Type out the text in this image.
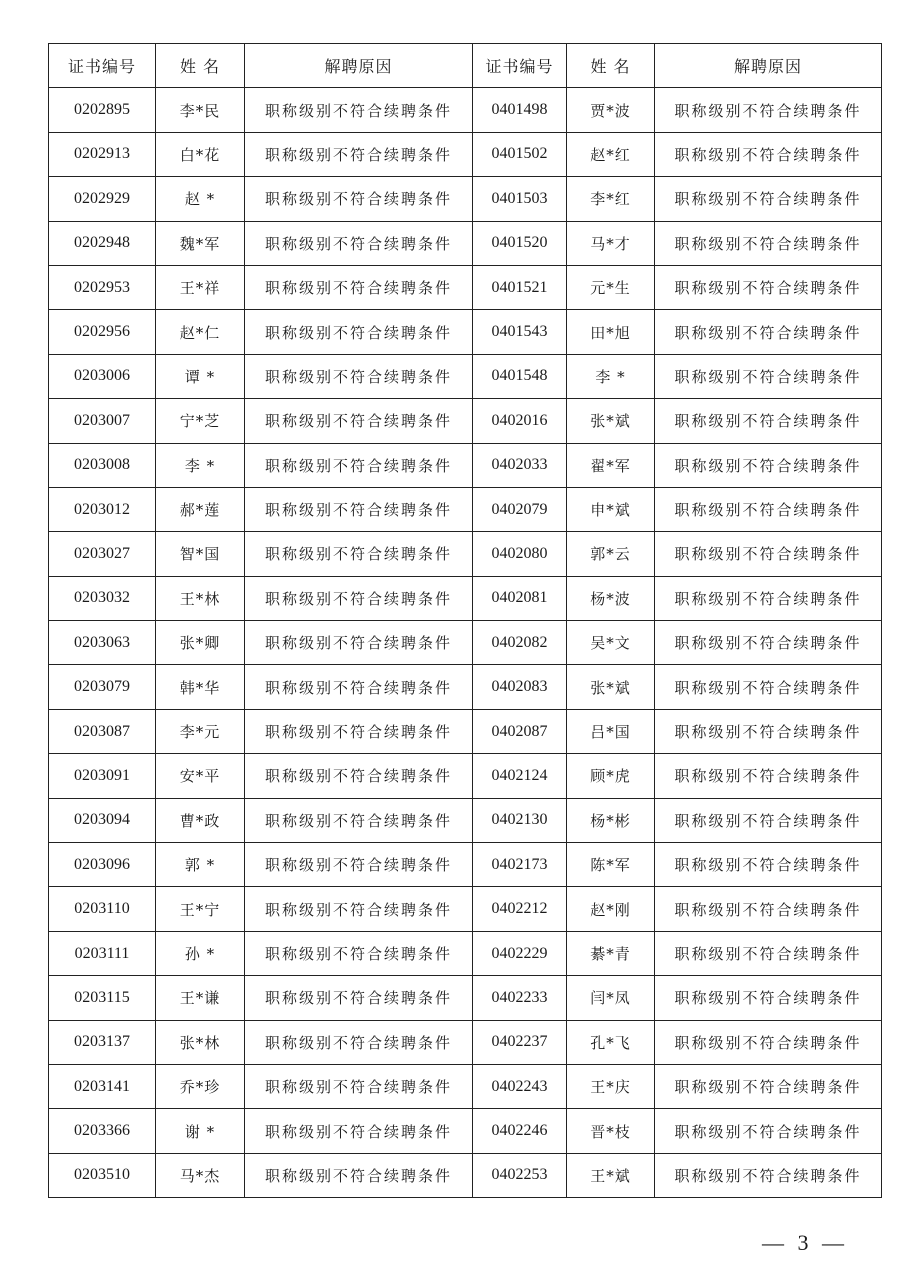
证书编号	姓 名	解聘原因	证书编号	姓 名	解聘原因
0202895	李*民	职称级别不符合续聘条件	0401498	贾*波	职称级别不符合续聘条件
0202913	白*花	职称级别不符合续聘条件	0401502	赵*红	职称级别不符合续聘条件
0202929	赵 *	职称级别不符合续聘条件	0401503	李*红	职称级别不符合续聘条件
0202948	魏*军	职称级别不符合续聘条件	0401520	马*才	职称级别不符合续聘条件
0202953	王*祥	职称级别不符合续聘条件	0401521	元*生	职称级别不符合续聘条件
0202956	赵*仁	职称级别不符合续聘条件	0401543	田*旭	职称级别不符合续聘条件
0203006	谭 *	职称级别不符合续聘条件	0401548	李 *	职称级别不符合续聘条件
0203007	宁*芝	职称级别不符合续聘条件	0402016	张*斌	职称级别不符合续聘条件
0203008	李 *	职称级别不符合续聘条件	0402033	翟*军	职称级别不符合续聘条件
0203012	郝*莲	职称级别不符合续聘条件	0402079	申*斌	职称级别不符合续聘条件
0203027	智*国	职称级别不符合续聘条件	0402080	郭*云	职称级别不符合续聘条件
0203032	王*林	职称级别不符合续聘条件	0402081	杨*波	职称级别不符合续聘条件
0203063	张*卿	职称级别不符合续聘条件	0402082	吴*文	职称级别不符合续聘条件
0203079	韩*华	职称级别不符合续聘条件	0402083	张*斌	职称级别不符合续聘条件
0203087	李*元	职称级别不符合续聘条件	0402087	吕*国	职称级别不符合续聘条件
0203091	安*平	职称级别不符合续聘条件	0402124	顾*虎	职称级别不符合续聘条件
0203094	曹*政	职称级别不符合续聘条件	0402130	杨*彬	职称级别不符合续聘条件
0203096	郭 *	职称级别不符合续聘条件	0402173	陈*军	职称级别不符合续聘条件
0203110	王*宁	职称级别不符合续聘条件	0402212	赵*刚	职称级别不符合续聘条件
0203111	孙 *	职称级别不符合续聘条件	0402229	綦*青	职称级别不符合续聘条件
0203115	王*谦	职称级别不符合续聘条件	0402233	闫*凤	职称级别不符合续聘条件
0203137	张*林	职称级别不符合续聘条件	0402237	孔*飞	职称级别不符合续聘条件
0203141	乔*珍	职称级别不符合续聘条件	0402243	王*庆	职称级别不符合续聘条件
0203366	谢 *	职称级别不符合续聘条件	0402246	晋*枝	职称级别不符合续聘条件
0203510	马*杰	职称级别不符合续聘条件	0402253	王*斌	职称级别不符合续聘条件
— 3 —
